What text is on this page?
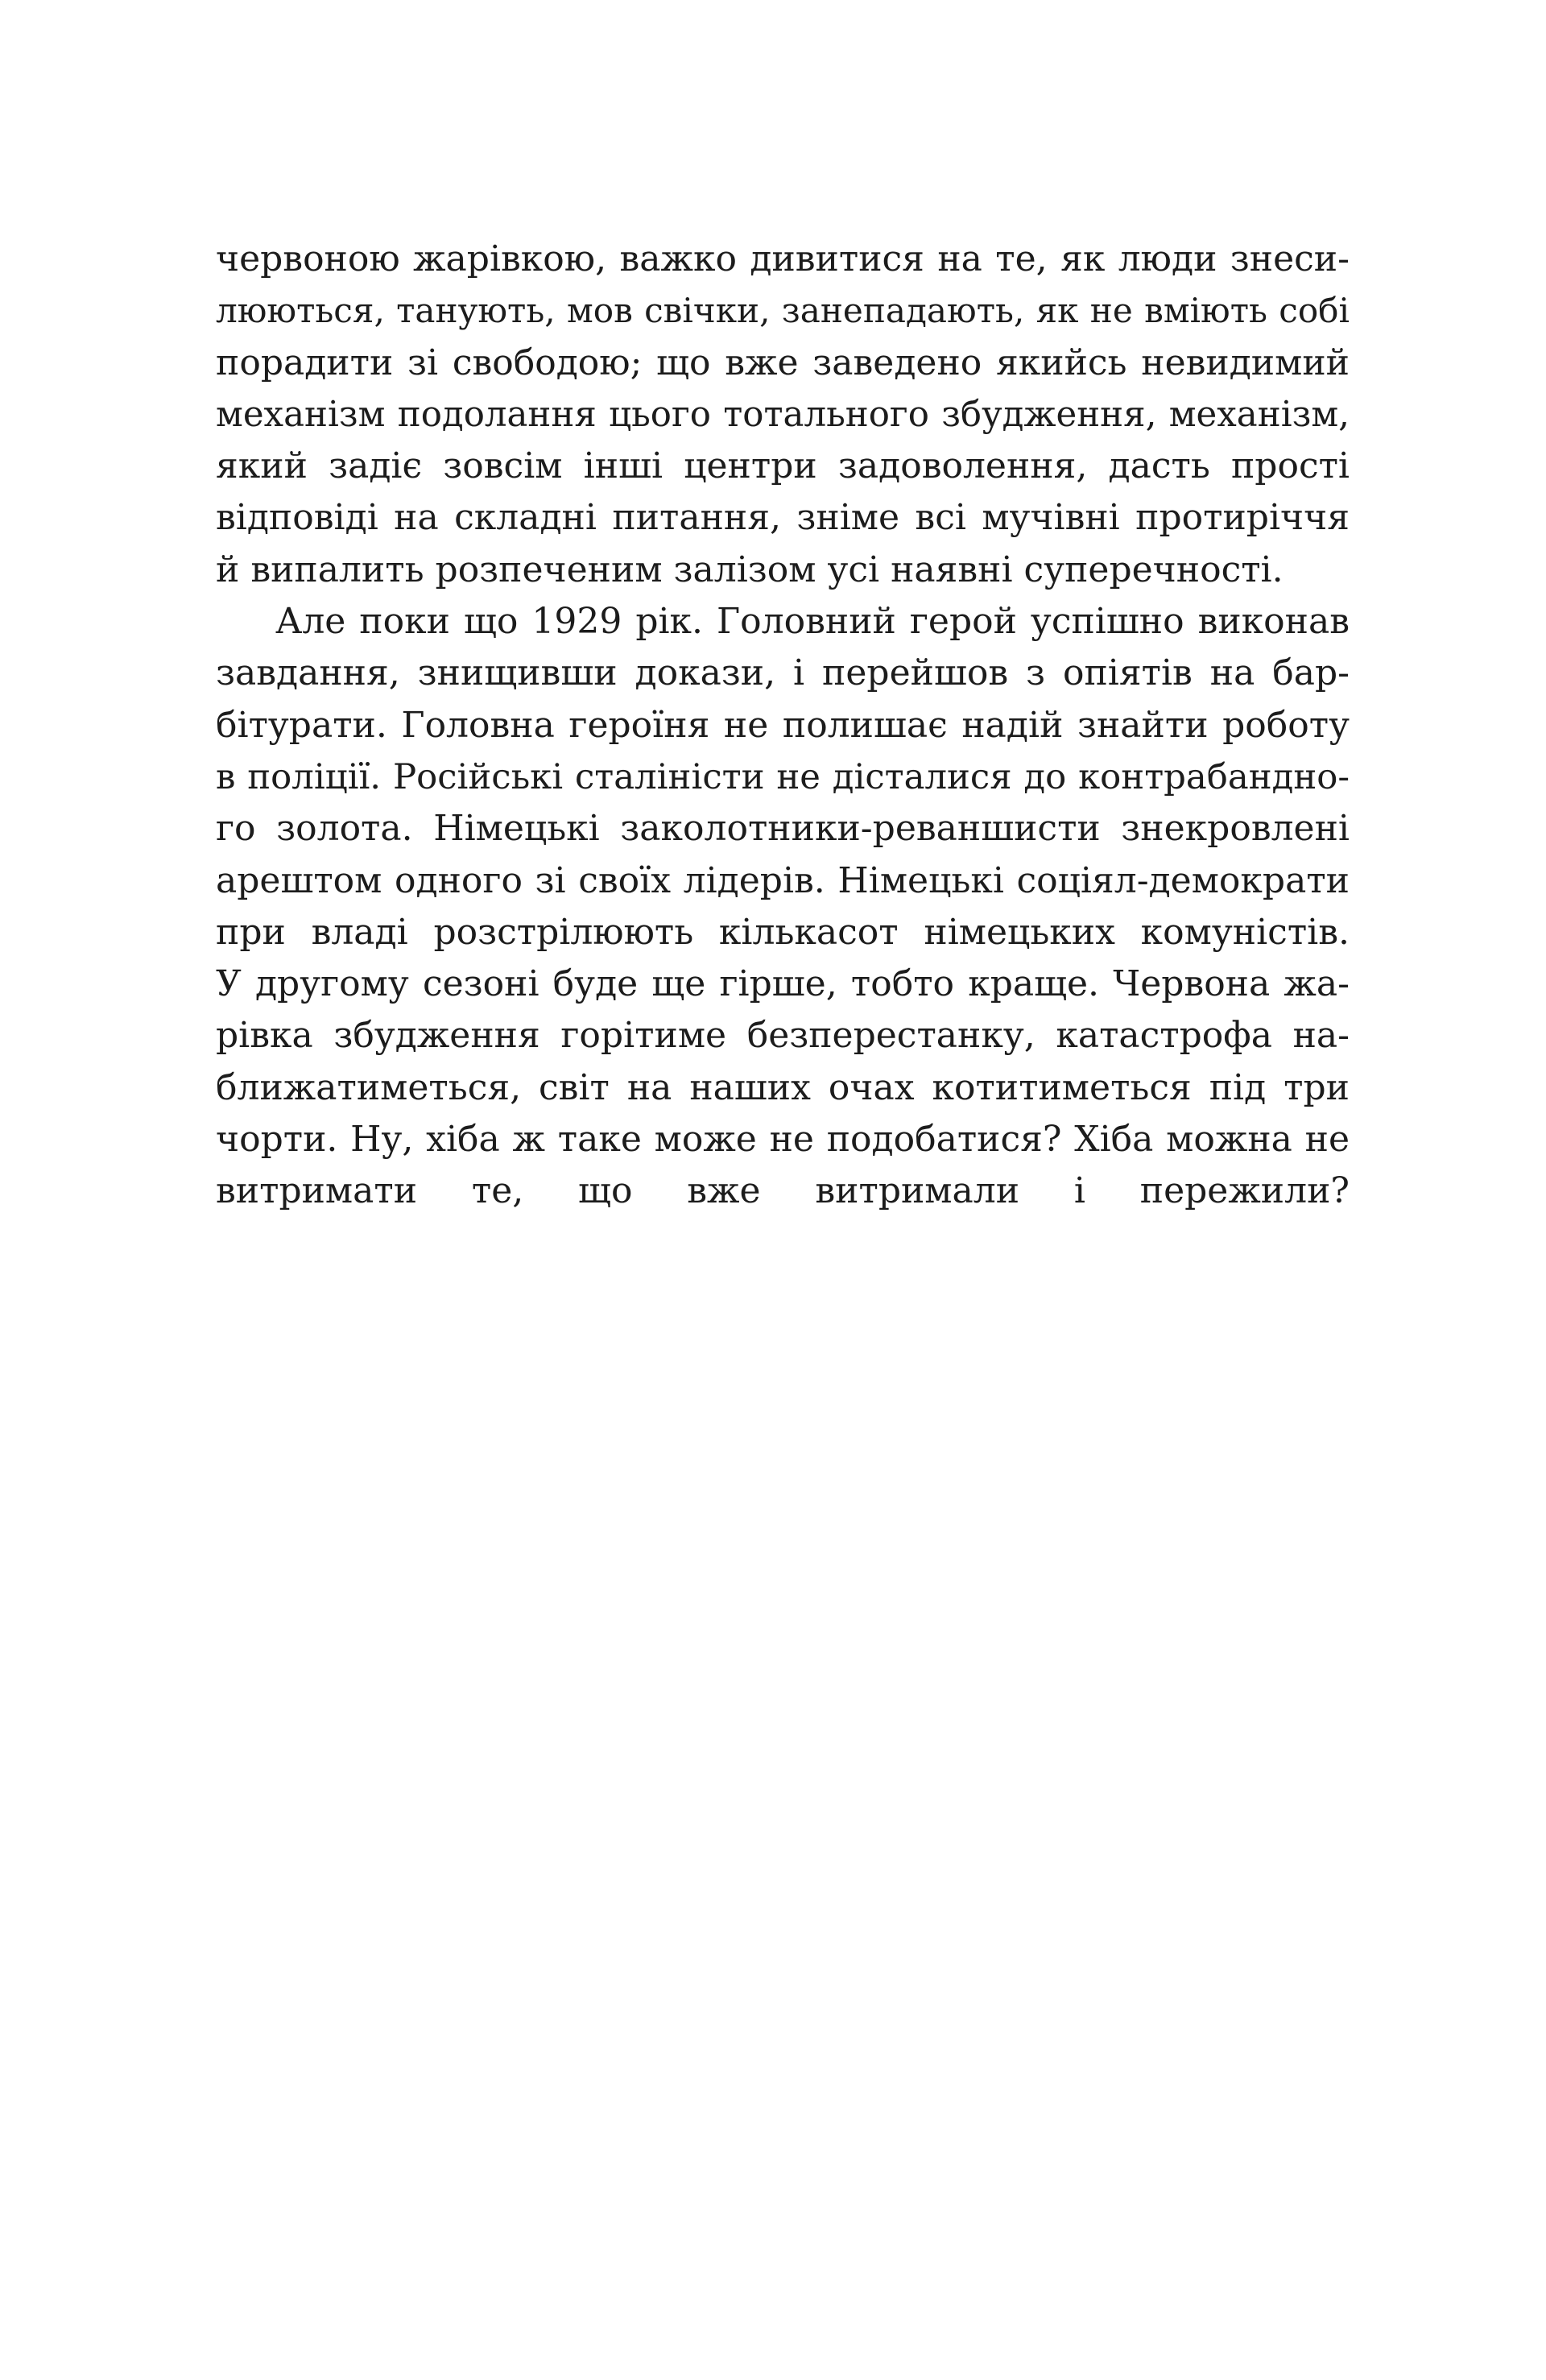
червоною жарівкою, важко дивитися на те, як люди знеси-
люються, танують, мов свічки, занепадають, як не вміють собі
порадити зі свободою; що вже заведено якийсь невидимий
механізм подолання цього тотального збудження, механізм,
який задіє зовсім інші центри задоволення, дасть прості
відповіді на складні питання, зніме всі мучівні протиріччя
й випалить розпеченим залізом усі наявні суперечності.
Але поки що 1929 рік. Головний герой успішно виконав
завдання, знищивши докази, і перейшов з опіятів на бар-
бітурати. Головна героїня не полишає надій знайти роботу
в поліції. Російські сталіністи не дісталися до контрабандно-
го золота. Німецькі заколотники-реваншисти знекровлені
арештом одного зі своїх лідерів. Німецькі соціял-демократи
при владі розстрілюють кількасот німецьких комуністів.
У другому сезоні буде ще гірше, тобто краще. Червона жа-
рівка збудження горітиме безперестанку, катастрофа на-
ближатиметься, світ на наших очах котитиметься під три
чорти. Ну, хіба ж таке може не подобатися? Хіба можна не
витримати те, що вже витримали і пережили?
